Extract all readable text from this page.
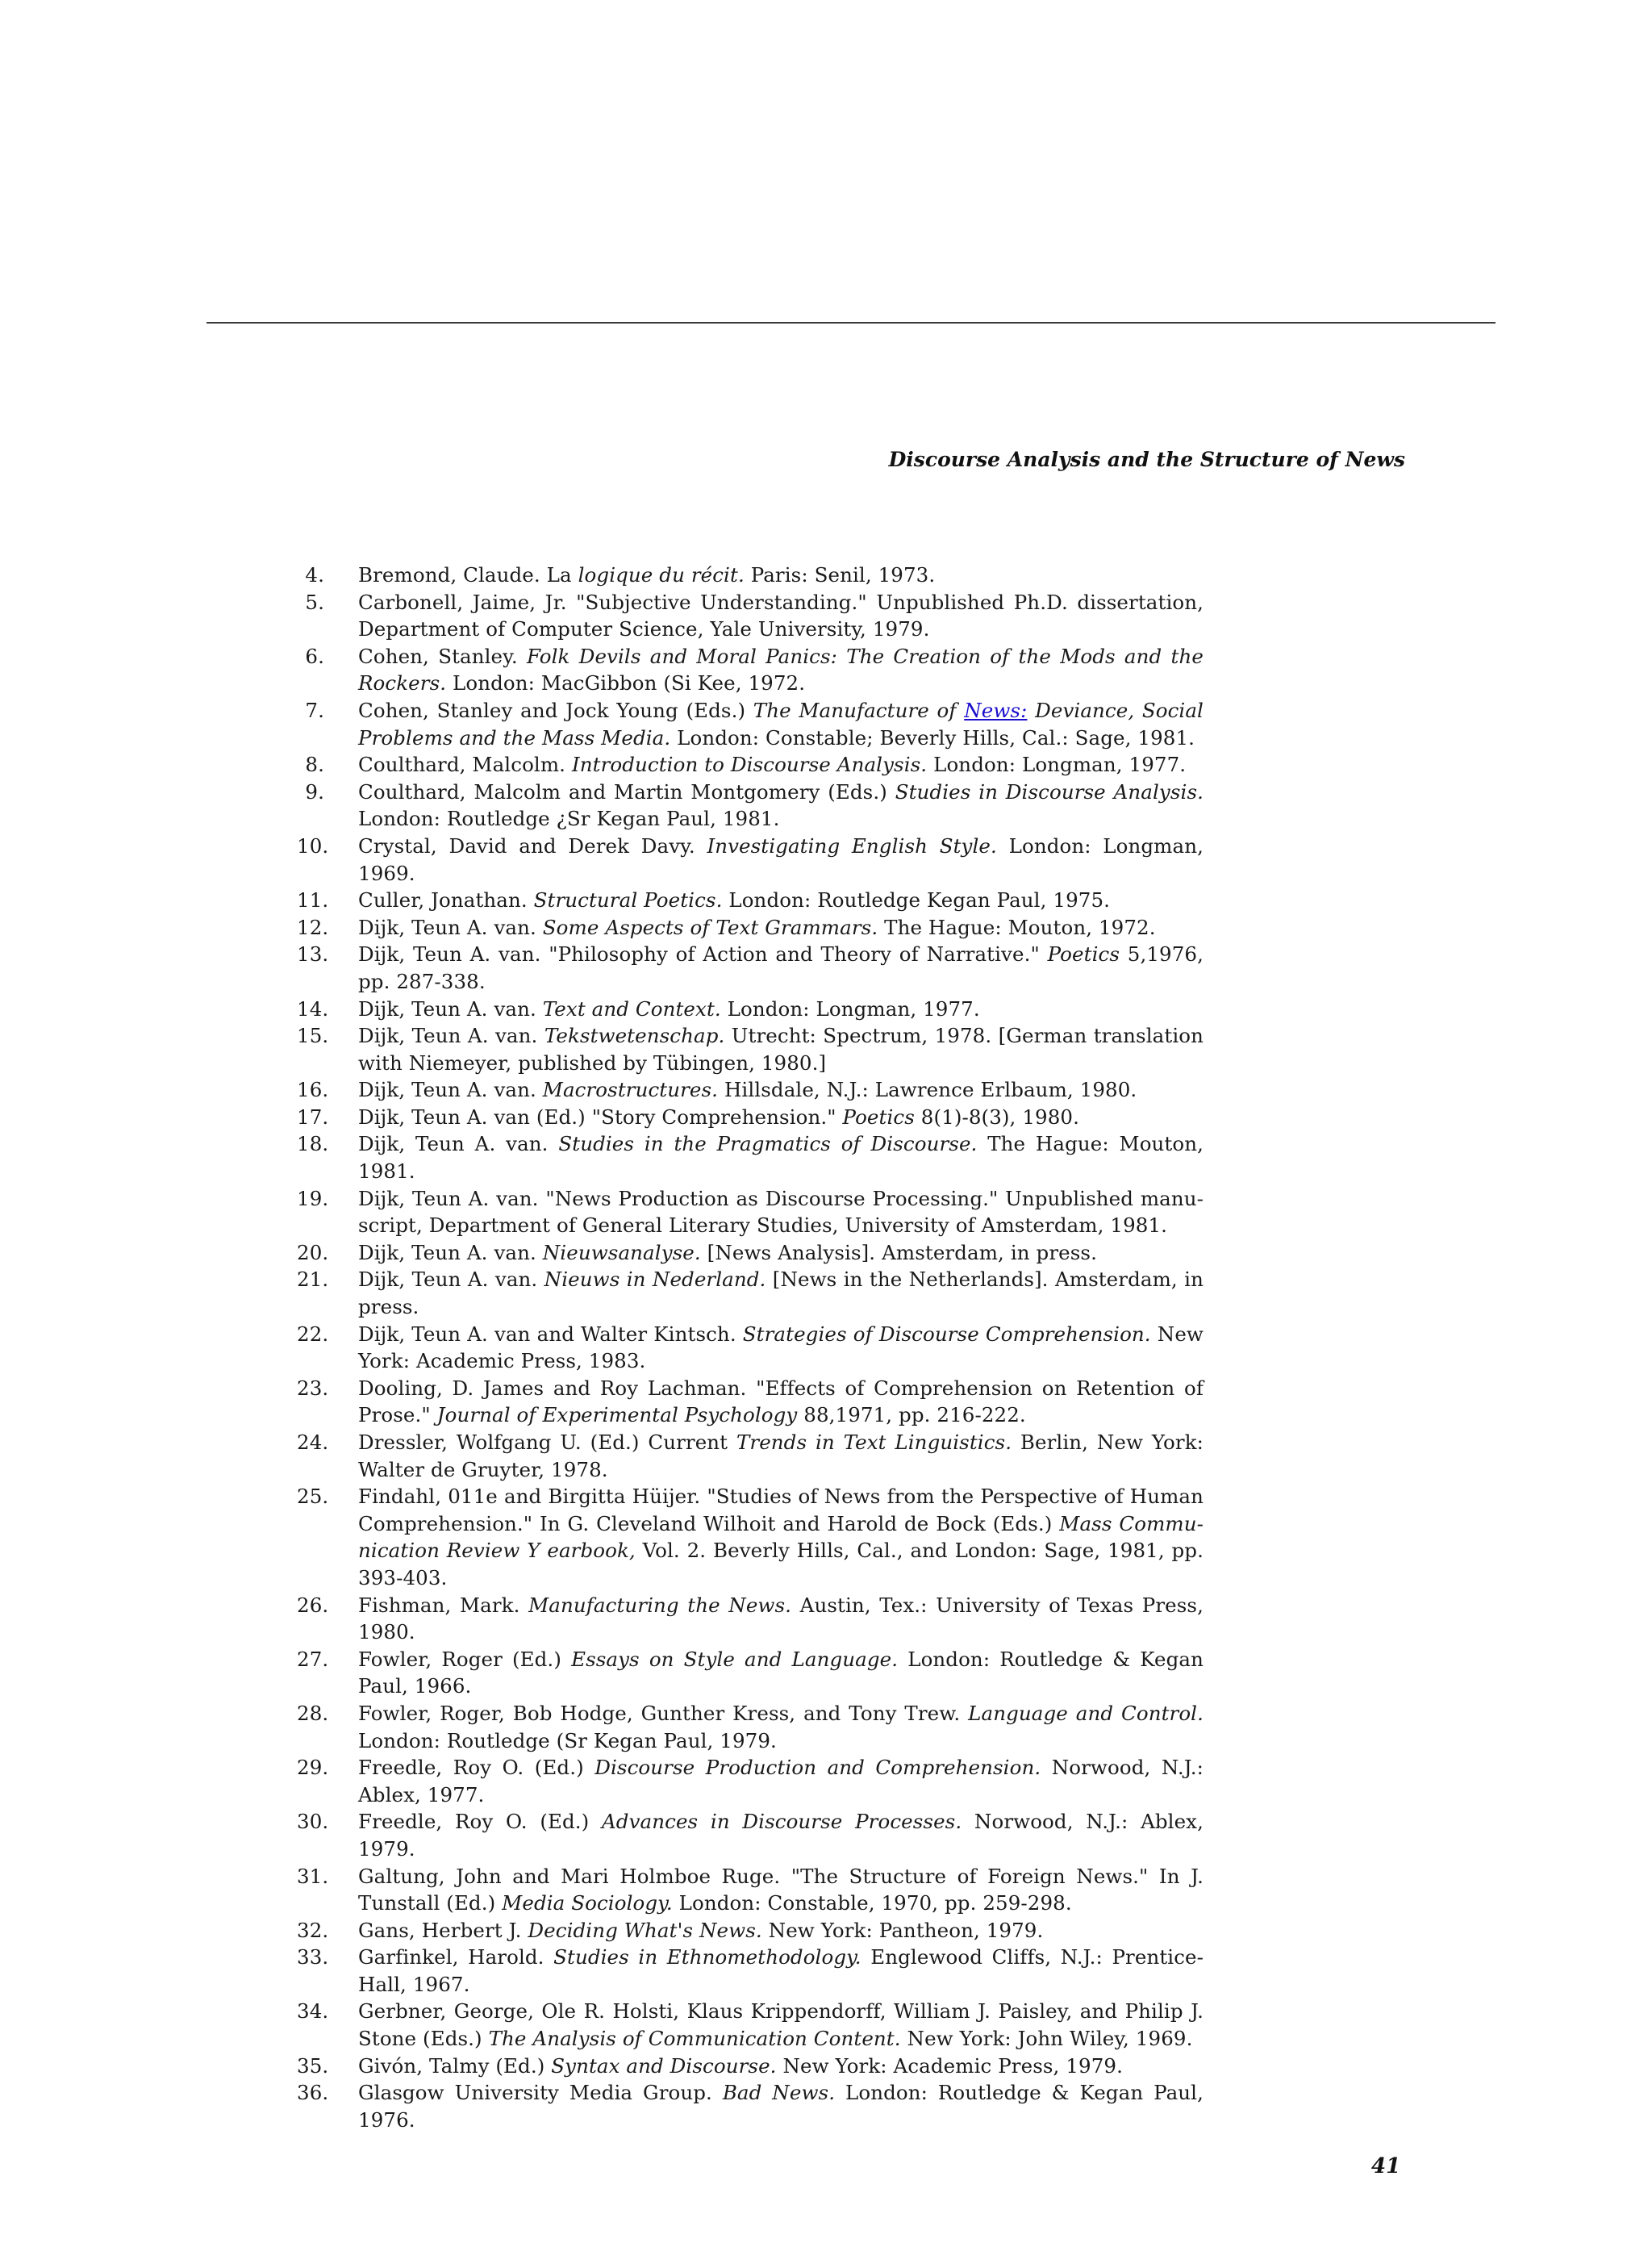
Discourse Analysis and the Structure of News
4. Bremond, Claude. La logique du récit. Paris: Senil, 1973.
5. Carbonell, Jaime, Jr. "Subjective Understanding." Unpublished Ph.D. dissertation, Department of Computer Science, Yale University, 1979.
6. Cohen, Stanley. Folk Devils and Moral Panics: The Creation of the Mods and the Rockers. London: MacGibbon (Si Kee, 1972.
7. Cohen, Stanley and Jock Young (Eds.) The Manufacture of News: Deviance, Social Problems and the Mass Media. London: Constable; Beverly Hills, Cal.: Sage, 1981.
8. Coulthard, Malcolm. Introduction to Discourse Analysis. London: Longman, 1977.
9. Coulthard, Malcolm and Martin Montgomery (Eds.) Studies in Discourse Analysis. London: Routledge ¿Sr Kegan Paul, 1981.
10. Crystal, David and Derek Davy. Investigating English Style. London: Longman, 1969.
11. Culler, Jonathan. Structural Poetics. London: Routledge Kegan Paul, 1975.
12. Dijk, Teun A. van. Some Aspects of Text Grammars. The Hague: Mouton, 1972.
13. Dijk, Teun A. van. "Philosophy of Action and Theory of Narrative." Poetics 5,1976, pp. 287-338.
14. Dijk, Teun A. van. Text and Context. London: Longman, 1977.
15. Dijk, Teun A. van. Tekstwetenschap. Utrecht: Spectrum, 1978. [German translation with Niemeyer, published by Tübingen, 1980.]
16. Dijk, Teun A. van. Macrostructures. Hillsdale, N.J.: Lawrence Erlbaum, 1980.
17. Dijk, Teun A. van (Ed.) "Story Comprehension." Poetics 8(1)-8(3), 1980.
18. Dijk, Teun A. van. Studies in the Pragmatics of Discourse. The Hague: Mouton, 1981.
19. Dijk, Teun A. van. "News Production as Discourse Processing." Unpublished manu-script, Department of General Literary Studies, University of Amsterdam, 1981.
20. Dijk, Teun A. van. Nieuwsanalyse. [News Analysis]. Amsterdam, in press.
21. Dijk, Teun A. van. Nieuws in Nederland. [News in the Netherlands]. Amsterdam, in press.
22. Dijk, Teun A. van and Walter Kintsch. Strategies of Discourse Comprehension. New York: Academic Press, 1983.
23. Dooling, D. James and Roy Lachman. "Effects of Comprehension on Retention of Prose." Journal of Experimental Psychology 88,1971, pp. 216-222.
24. Dressler, Wolfgang U. (Ed.) Current Trends in Text Linguistics. Berlin, New York: Walter de Gruyter, 1978.
25. Findahl, 011e and Birgitta Hüijer. "Studies of News from the Perspective of Human Comprehension." In G. Cleveland Wilhoit and Harold de Bock (Eds.) Mass Commu-nication Review Y earbook, Vol. 2. Beverly Hills, Cal., and London: Sage, 1981, pp. 393-403.
26. Fishman, Mark. Manufacturing the News. Austin, Tex.: University of Texas Press, 1980.
27. Fowler, Roger (Ed.) Essays on Style and Language. London: Routledge & Kegan Paul, 1966.
28. Fowler, Roger, Bob Hodge, Gunther Kress, and Tony Trew. Language and Control. London: Routledge (Sr Kegan Paul, 1979.
29. Freedle, Roy O. (Ed.) Discourse Production and Comprehension. Norwood, N.J.: Ablex, 1977.
30. Freedle, Roy O. (Ed.) Advances in Discourse Processes. Norwood, N.J.: Ablex, 1979.
31. Galtung, John and Mari Holmboe Ruge. "The Structure of Foreign News." In J. Tunstall (Ed.) Media Sociology. London: Constable, 1970, pp. 259-298.
32. Gans, Herbert J. Deciding What's News. New York: Pantheon, 1979.
33. Garfinkel, Harold. Studies in Ethnomethodology. Englewood Cliffs, N.J.: Prentice-Hall, 1967.
34. Gerbner, George, Ole R. Holsti, Klaus Krippendorff, William J. Paisley, and Philip J. Stone (Eds.) The Analysis of Communication Content. New York: John Wiley, 1969.
35. Givón, Talmy (Ed.) Syntax and Discourse. New York: Academic Press, 1979.
36. Glasgow University Media Group. Bad News. London: Routledge & Kegan Paul, 1976.
41
